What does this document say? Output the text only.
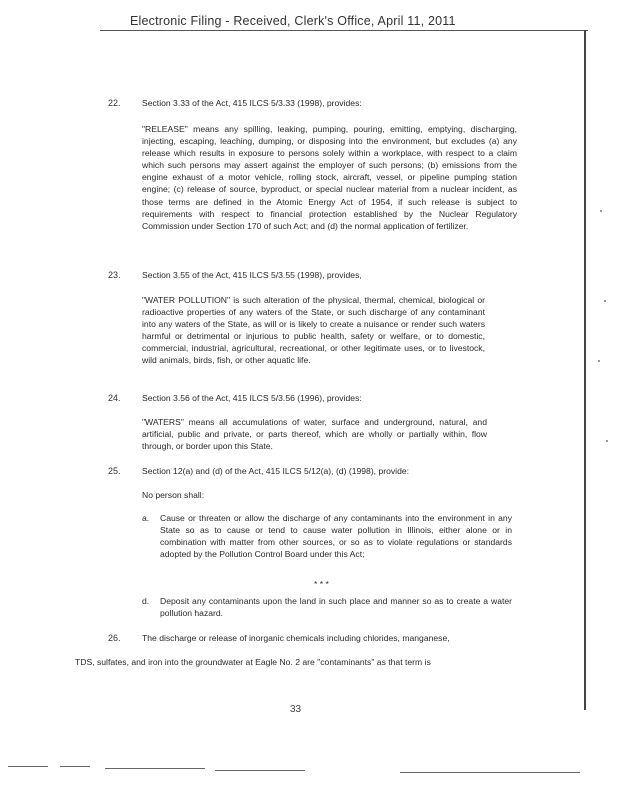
Electronic Filing - Received, Clerk's Office, April 11, 2011
22. Section 3.33 of the Act, 415 ILCS 5/3.33 (1998), provides:
"RELEASE" means any spilling, leaking, pumping, pouring, emitting, emptying, discharging, injecting, escaping, leaching, dumping, or disposing into the environment, but excludes (a) any release which results in exposure to persons solely within a workplace, with respect to a claim which such persons may assert against the employer of such persons; (b) emissions from the engine exhaust of a motor vehicle, rolling stock, aircraft, vessel, or pipeline pumping station engine; (c) release of source, byproduct, or special nuclear material from a nuclear incident, as those terms are defined in the Atomic Energy Act of 1954, if such release is subject to requirements with respect to financial protection established by the Nuclear Regulatory Commission under Section 170 of such Act; and (d) the normal application of fertilizer.
23. Section 3.55 of the Act, 415 ILCS 5/3.55 (1998), provides,
"WATER POLLUTION" is such alteration of the physical, thermal, chemical, biological or radioactive properties of any waters of the State, or such discharge of any contaminant into any waters of the State, as will or is likely to create a nuisance or render such waters harmful or detrimental or injurious to public health, safety or welfare, or to domestic, commercial, industrial, agricultural, recreational, or other legitimate uses, or to livestock, wild animals, birds, fish, or other aquatic life.
24. Section 3.56 of the Act, 415 ILCS 5/3.56 (1996), provides:
"WATERS" means all accumulations of water, surface and underground, natural, and artificial, public and private, or parts thereof, which are wholly or partially within, flow through, or border upon this State.
25. Section 12(a) and (d) of the Act, 415 ILCS 5/12(a), (d) (1998), provide:
No person shall:
a. Cause or threaten or allow the discharge of any contaminants into the environment in any State so as to cause or tend to cause water pollution in Illinois, either alone or in combination with matter from other sources, or so as to violate regulations or standards adopted by the Pollution Control Board under this Act;
* * *
d. Deposit any contaminants upon the land in such place and manner so as to create a water pollution hazard.
26. The discharge or release of inorganic chemicals including chlorides, manganese,
TDS, sulfates, and iron into the groundwater at Eagle No. 2 are "contaminants" as that term is
33
